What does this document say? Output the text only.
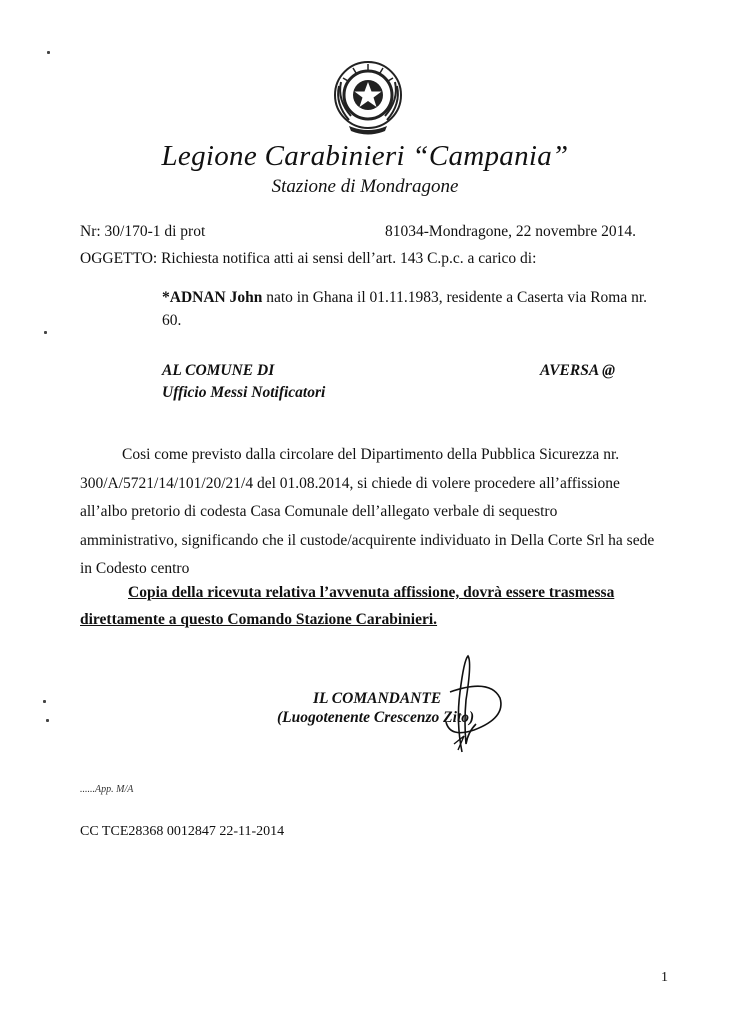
Legione Carabinieri “Campania”
Stazione di Mondragone
Nr: 30/170-1 di prot	81034-Mondragone, 22 novembre 2014.
OGGETTO: Richiesta notifica atti ai sensi dell’art. 143 C.p.c. a carico di:
*ADNAN John nato in Ghana il 01.11.1983, residente a Caserta via Roma nr.
60.
AL COMUNE DI
Ufficio Messi Notificatori
AVERSA @
Cosi come previsto dalla circolare del Dipartimento della Pubblica Sicurezza nr.
300/A/5721/14/101/20/21/4 del 01.08.2014, si chiede di volere procedere all’affissione
all’albo pretorio di codesta Casa Comunale dell’allegato verbale di sequestro
amministrativo, significando che il custode/acquirente individuato in Della Corte Srl ha sede
in Codesto centro
Copia della ricevuta relativa l’avvenuta affissione, dovrà essere trasmessa
direttamente a questo Comando Stazione Carabinieri.
IL COMANDANTE
(Luogotenente Crescenzo Zito)
......App. M/A
CC TCE28368 0012847 22-11-2014
1
